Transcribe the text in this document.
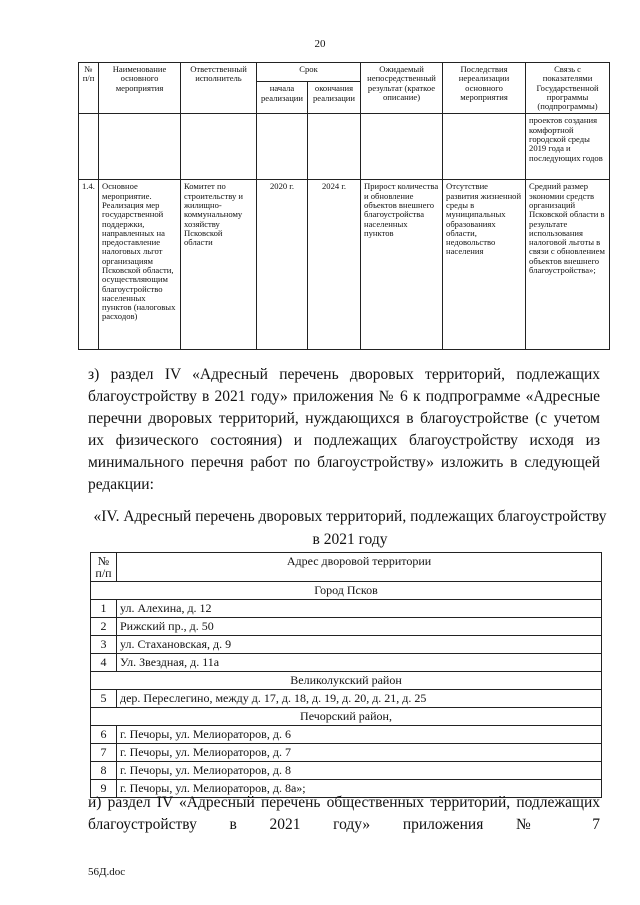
20
№ п/п	Наименование основного мероприятия	Ответственный исполнитель	Срок		Ожидаемый непосредственный результат (краткое описание)	Последствия нереализации основного мероприятия	Связь с показателями Государственной программы (подпрограммы)
			начала реализации	окончания реализации			
							проектов создания комфортной городской среды 2019 года и последующих годов
1.4.	Основное мероприятие. Реализация мер государственной поддержки, направленных на предоставление налоговых льгот организациям Псковской области, осуществляющим благоустройство населенных пунктов (налоговых расходов)	Комитет по строительству и жилищно-коммунальному хозяйству Псковской области	2020 г.	2024 г.	Прирост количества и обновление объектов внешнего благоустройства населенных пунктов	Отсутствие развития жизненной среды в муниципальных образованиях области, недовольство населения	Средний размер экономии средств организаций Псковской области в результате использования налоговой льготы в связи с обновлением объектов внешнего благоустройства»;
з) раздел IV «Адресный перечень дворовых территорий, подлежащих благоустройству в 2021 году» приложения № 6 к подпрограмме «Адресные перечни дворовых территорий, нуждающихся в благоустройстве (с учетом их физического состояния) и подлежащих благоустройству исходя из минимального перечня работ по благоустройству» изложить в следующей редакции:
«IV. Адресный перечень дворовых территорий, подлежащих благоустройству в 2021 году
№ п/п	Адрес дворовой территории
Город Псков	
1	ул. Алехина, д. 12
2	Рижский пр., д. 50
3	ул. Стахановская, д. 9
4	Ул. Звездная, д. 11а
Великолукский район	
5	дер. Переслегино, между д. 17, д. 18, д. 19, д. 20, д. 21, д. 25
Печорский район,	
6	г. Печоры, ул. Мелиораторов, д. 6
7	г. Печоры, ул. Мелиораторов, д. 7
8	г. Печоры, ул. Мелиораторов, д. 8
9	г. Печоры, ул. Мелиораторов, д. 8а»;
и) раздел IV «Адресный перечень общественных территорий, подлежащих благоустройству в 2021 году» приложения № 7
56Д.doc
